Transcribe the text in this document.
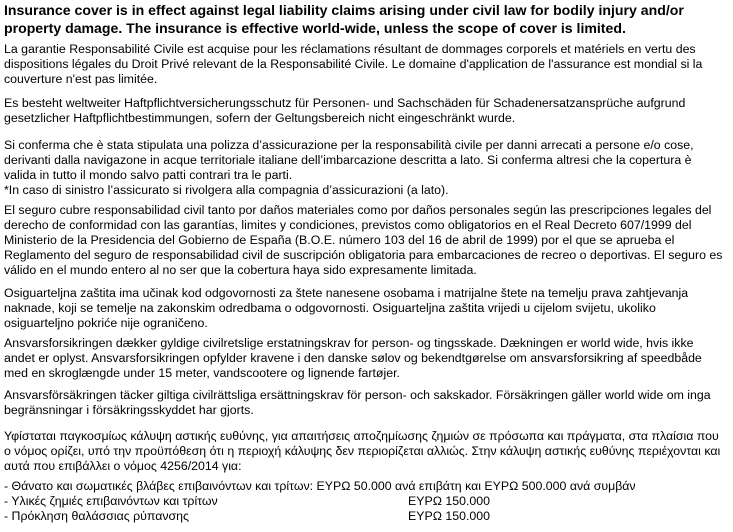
Insurance cover is in effect against legal liability claims arising under civil law for bodily injury and/or property damage. The insurance is effective world-wide, unless the scope of cover is limited.

La garantie Responsabilité Civile est acquise pour les réclamations résultant de dommages corporels et matériels en vertu des dispositions légales du Droit Privé relevant de la Responsabilité Civile. Le domaine d'application de l'assurance est mondial si la couverture n'est pas limitée.

Es besteht weltweiter Haftpflichtversicherungsschutz für Personen- und Sachschäden für Schadenersatzansprüche aufgrund gesetzlicher Haftpflichtbestimmungen, sofern der Geltungsbereich nicht eingeschränkt wurde.

Si conferma che è stata stipulata una polizza d’assicurazione per la responsabilità civile per danni arrecati a persone e/o cose, derivanti dalla navigazone in acque territoriale italiane dell’imbarcazione descritta a lato. Si conferma altresi che la copertura è valida in tutto il mondo salvo patti contrari tra le parti.
*In caso di sinistro l’assicurato si rivolgera alla compagnia d’assicurazioni (a lato).

El seguro cubre responsabilidad civil tanto por daños materiales como por daños personales según las prescripciones legales del derecho de conformidad con las garantías, limites y condiciones, previstos como obligatorios en el Real Decreto 607/1999 del Ministerio de la Presidencia del Gobierno de España (B.O.E. número 103 del 16 de abril de 1999) por el que se aprueba el Reglamento del seguro de responsabilidad civil de suscripción obligatoria para embarcaciones de recreo o deportivas. El seguro es válido en el mundo entero al no ser que la cobertura haya sido expresamente limitada.

Osiguarteljna zaštita ima učinak kod odgovornosti za štete nanesene osobama i matrijalne štete na temelju prava zahtjevanja naknade, koji se temelje na zakonskim odredbama o odgovornosti. Osiguarteljna zaštita vrijedi u cijelom svijetu, ukoliko osiguarteljno pokriće nije ograničeno.

Ansvarsforsikringen dækker gyldige civilretslige erstatningskrav for person- og tingsskade. Dækningen er world wide, hvis ikke andet er oplyst. Ansvarsforsikringen opfylder kravene i den danske sølov og bekendtgørelse om ansvarsforsikring af speedbåde med en skroglængde under 15 meter, vandscootere og lignende fartøjer.

Ansvarsförsäkringen täcker giltiga civilrättsliga ersättningskrav för person- och sakskador. Försäkringen gäller world wide om inga begränsningar i försäkringsskyddet har gjorts.

Υφίσταται παγκοσμίως κάλυψη αστικής ευθύνης, για απαιτήσεις αποζημίωσης ζημιών σε πρόσωπα και πράγματα, στα πλαίσια που ο νόμος ορίζει, υπό την προϋπόθεση ότι η περιοχή κάλυψης δεν περιορίζεται αλλιώς. Στην κάλυψη αστικής ευθύνης περιέχονται και αυτά που επιβάλλει ο νόμος 4256/2014 για:
- Θάνατο και σωματικές βλάβες επιβαινόντων και τρίτων: ΕΥΡΩ 50.000 ανά επιβάτη και ΕΥΡΩ 500.000 ανά συμβάν
- Υλικές ζημιές επιβαινόντων και τρίτων	ΕΥΡΩ 150.000
- Πρόκληση θαλάσσιας ρύπανσης	ΕΥΡΩ 150.000
